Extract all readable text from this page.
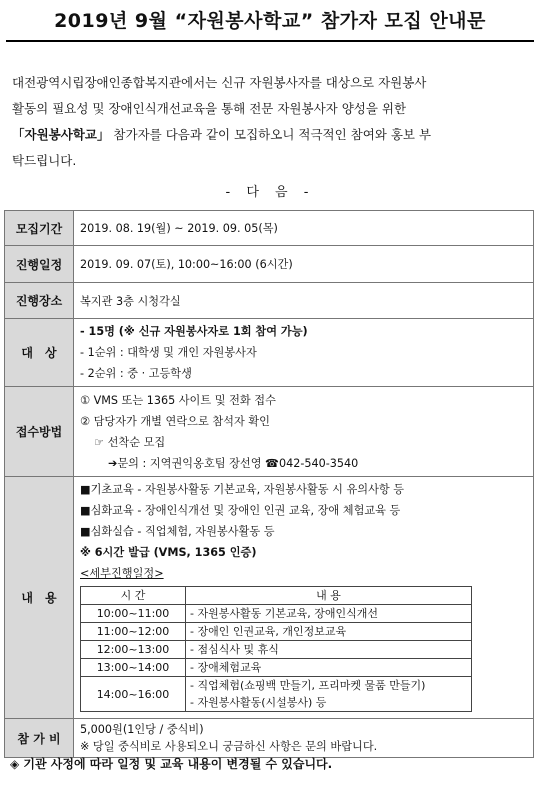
2019년 9월 “자원봉사학교” 참가자 모집 안내문
대전광역시립장애인종합복지관에서는 신규 자원봉사자를 대상으로 자원봉사
활동의 필요성 및 장애인식개선교육을 통해 전문 자원봉사자 양성을 위한
「자원봉사학교」 참가자를 다음과 같이 모집하오니 적극적인 참여와 홍보 부
탁드립니다.
- 다 음 -
모집기간	2019. 08. 19(월) ~ 2019. 09. 05(목)
진행일정	2019. 09. 07(토), 10:00~16:00 (6시간)
진행장소	복지관 3층 시청각실
대　상	
- 15명 (※ 신규 자원봉사자로 1회 참여 가능)
- 1순위 : 대학생 및 개인 자원봉사자
- 2순위 : 중 · 고등학생

접수방법	
① VMS 또는 1365 사이트 및 전화 접수
② 담당자가 개별 연락으로 참석자 확인
☞ 선착순 모집
➔문의 : 지역권익옹호팀 장선영 ☎042-540-3540

내　용	
■기초교육 - 자원봉사활동 기본교육, 자원봉사활동 시 유의사항 등
■심화교육 - 장애인식개선 및 장애인 인권 교육, 장애 체험교육 등
■심화실습 - 직업체험, 자원봉사활동 등
※ 6시간 발급 (VMS, 1365 인증)
<세부진행일정>
시 간	내 용
10:00~11:00	- 자원봉사활동 기본교육, 장애인식개선
11:00~12:00	- 장애인 인권교육, 개인정보교육
12:00~13:00	- 점심식사 및 휴식
13:00~14:00	- 장애체험교육
14:00~16:00	
- 직업체험(쇼핑백 만들기, 프리마켓 물품 만들기)
- 자원봉사활동(시설봉사) 등

참 가 비	
5,000원(1인당 / 중식비)
※ 당일 중식비로 사용되오니 궁금하신 사항은 문의 바랍니다.
◈ 기관 사정에 따라 일정 및 교육 내용이 변경될 수 있습니다.
